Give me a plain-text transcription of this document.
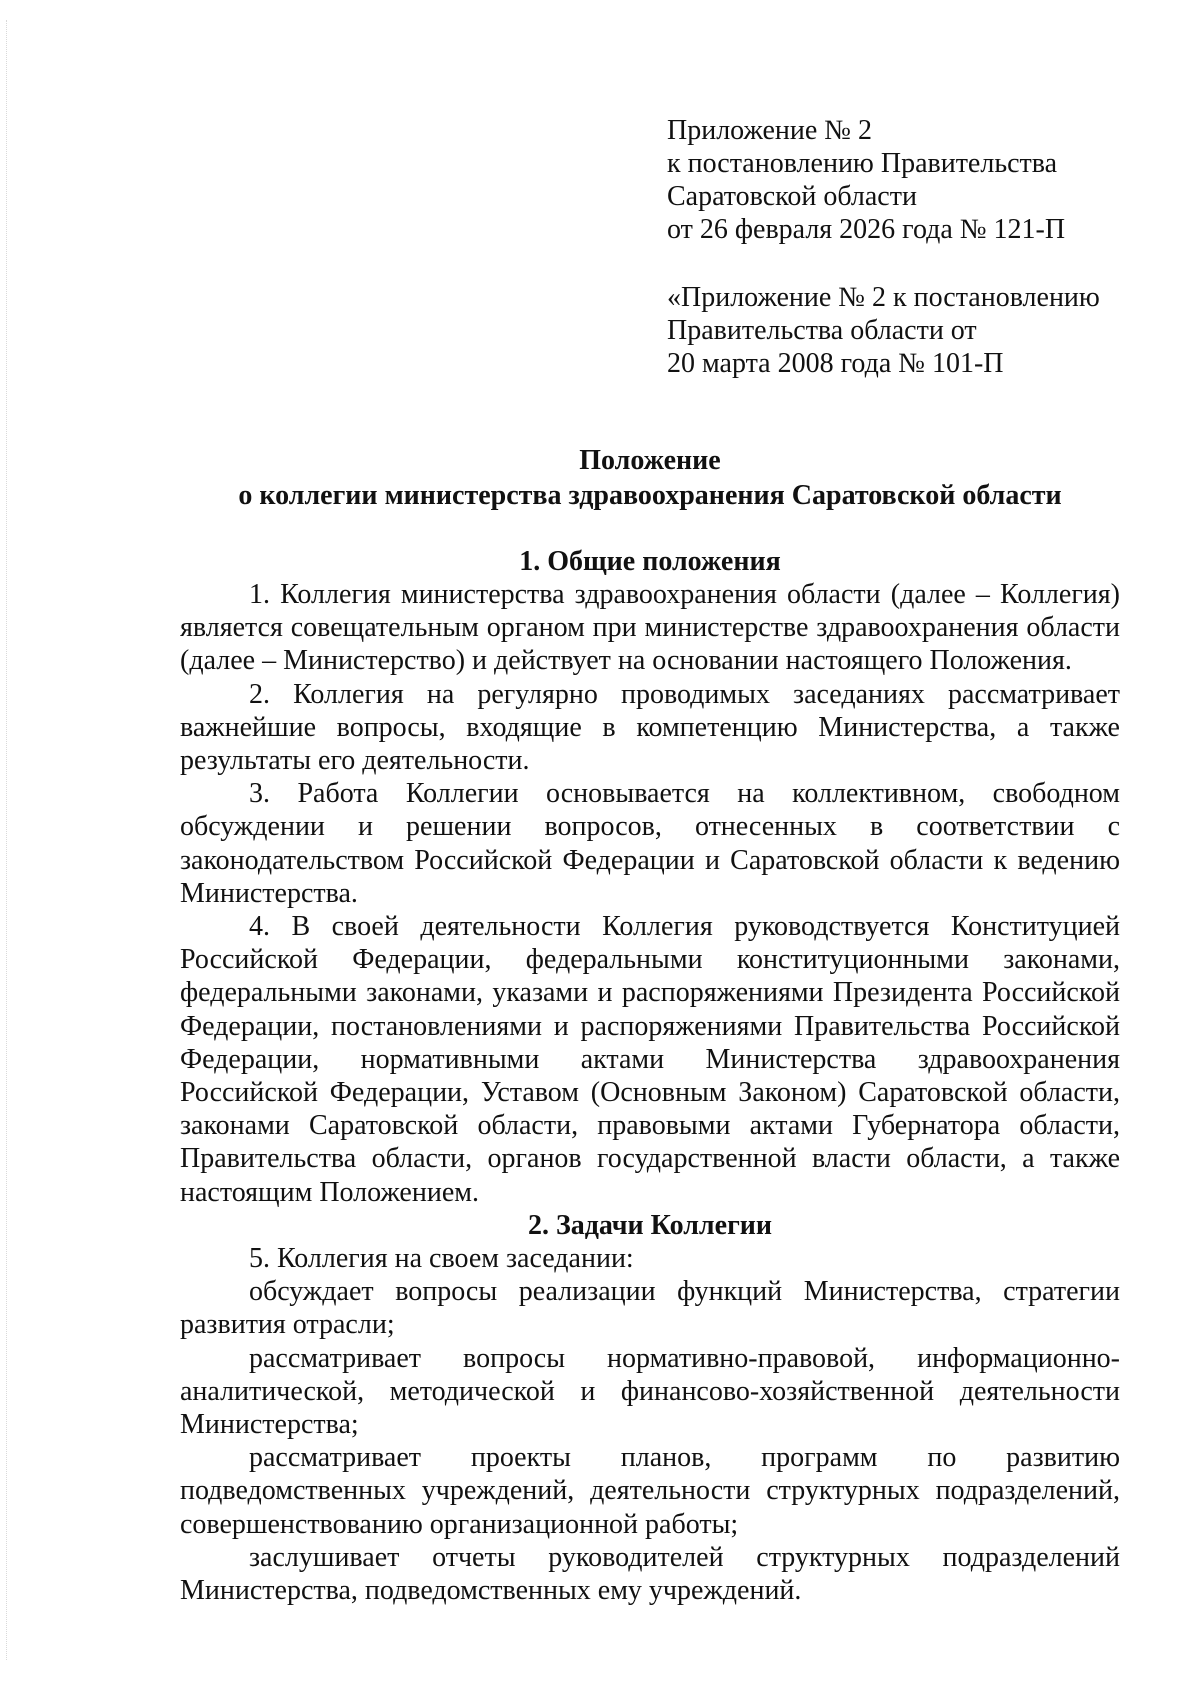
Приложение № 2
к постановлению Правительства
Саратовской области
от 26 февраля 2026 года № 121-П
«Приложение № 2 к постановлению
Правительства области от
20 марта 2008 года № 101-П
Положение
о коллегии министерства здравоохранения Саратовской области
1. Общие положения

1. Коллегия министерства здравоохранения области (далее – Коллегия) является совещательным органом при министерстве здравоохранения области (далее – Министерство) и действует на основании настоящего Положения.

2. Коллегия на регулярно проводимых заседаниях рассматривает важнейшие вопросы, входящие в компетенцию Министерства, а также результаты его деятельности.

3. Работа Коллегии основывается на коллективном, свободном обсуждении и решении вопросов, отнесенных в соответствии с законодательством Российской Федерации и Саратовской области к ведению Министерства.

4. В своей деятельности Коллегия руководствуется Конституцией Российской Федерации, федеральными конституционными законами, федеральными законами, указами и распоряжениями Президента Российской Федерации, постановлениями и распоряжениями Правительства Российской Федерации, нормативными актами Министерства здравоохранения Российской Федерации, Уставом (Основным Законом) Саратовской области, законами Саратовской области, правовыми актами Губернатора области, Правительства области, органов государственной власти области, а также настоящим Положением.

2. Задачи Коллегии

5. Коллегия на своем заседании:

обсуждает вопросы реализации функций Министерства, стратегии развития отрасли;

рассматривает вопросы нормативно-правовой, информационно-аналитической, методической и финансово-хозяйственной деятельности Министерства;

рассматривает проекты планов, программ по развитию подведомственных учреждений, деятельности структурных подразделений, совершенствованию организационной работы;

заслушивает отчеты руководителей структурных подразделений Министерства, подведомственных ему учреждений.
